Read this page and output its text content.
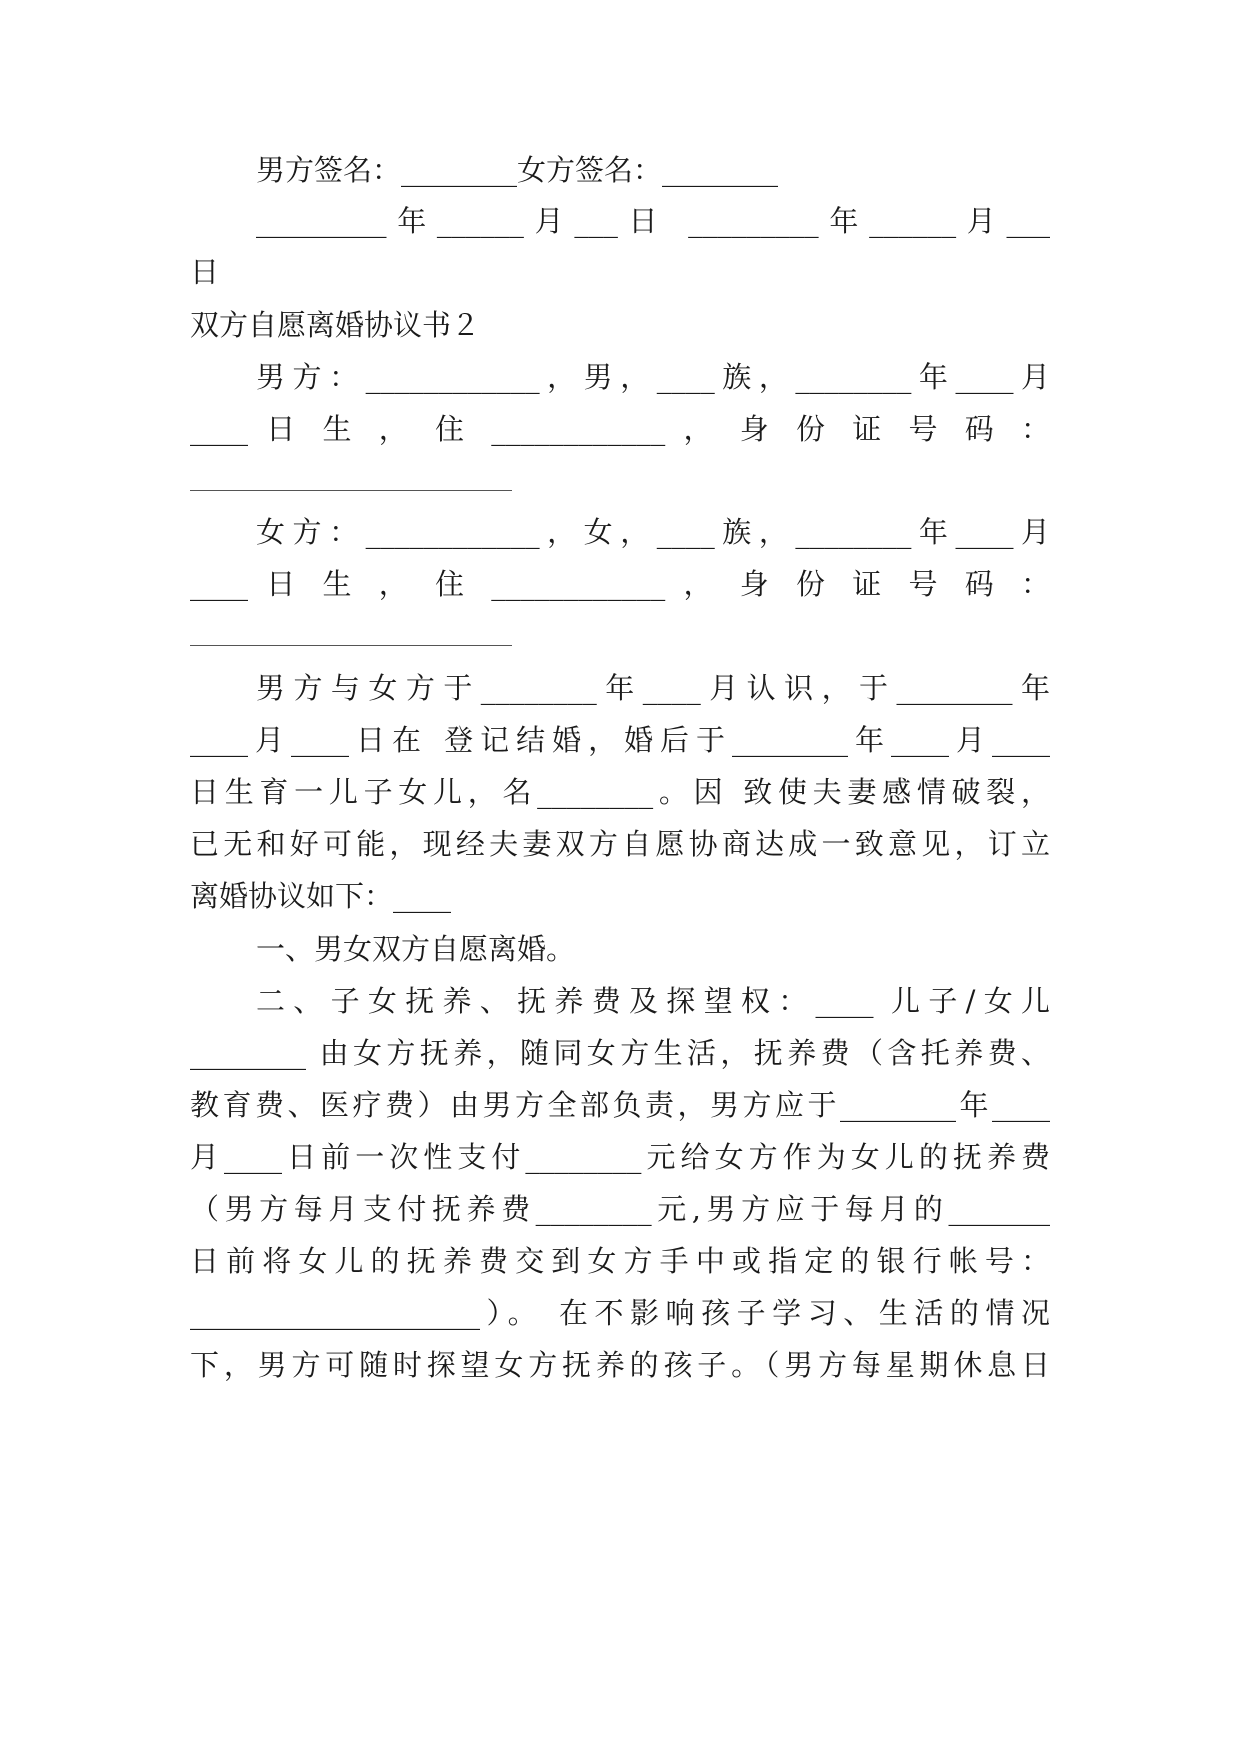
男方签名：________女方签名：________
_________年______月___日 _________年______月___
日
双方自愿离婚协议书２
男方：____________，男，____族，________年____月
____ 日 生 ， 住 ____________ ， 身 份 证 号 码 ：
女方：____________，女，____族，________年____月
____ 日 生 ， 住 ____________ ， 身 份 证 号 码 ：
男方与女方于________年____月认识，于________年
____月____日在 登记结婚，婚后于________年____月____
日生育一儿子女儿，名________。因 致使夫妻感情破裂，
已无和好可能，现经夫妻双方自愿协商达成一致意见，订立
离婚协议如下：____
一、男女双方自愿离婚。
二、子女抚养、抚养费及探望权：____ 儿子/女儿
________ 由女方抚养，随同女方生活，抚养费（含托养费、
教育费、医疗费）由男方全部负责，男方应于________年____
月____日前一次性支付________元给女方作为女儿的抚养费
（男方每月支付抚养费________元,男方应于每月的_______
日前将女儿的抚养费交到女方手中或指定的银行帐号：
____________________）。 在不影响孩子学习、生活的情况
下，男方可随时探望女方抚养的孩子。（男方每星期休息日
